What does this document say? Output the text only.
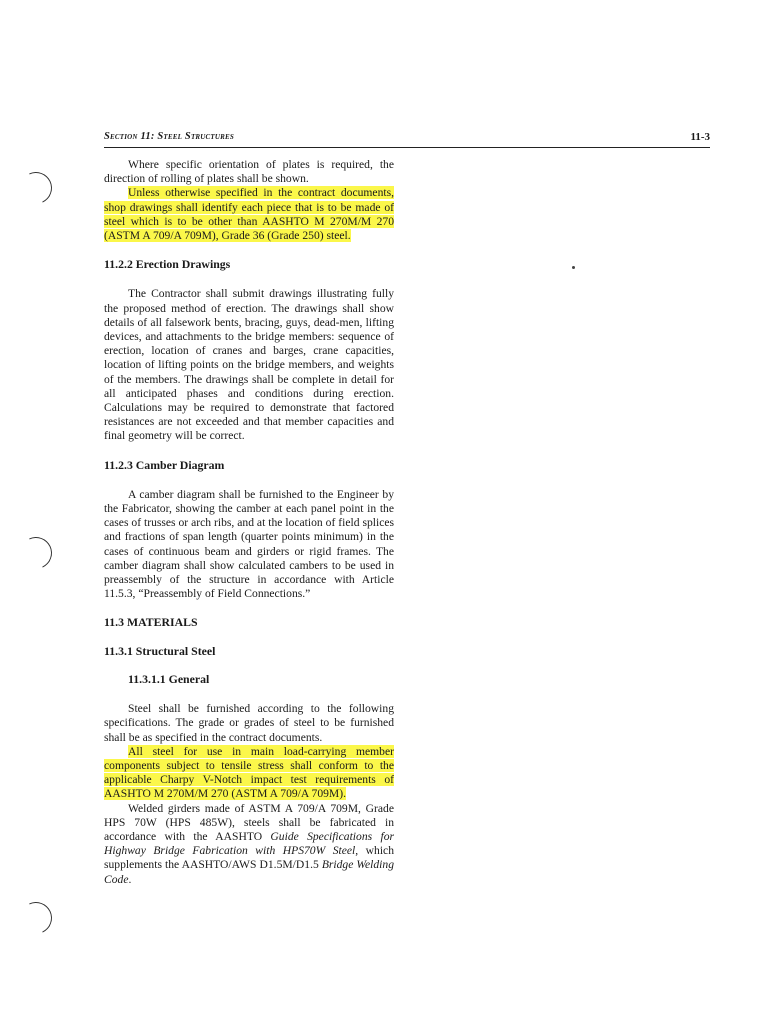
Section 11: Steel Structures	11-3

Where specific orientation of plates is required, the direction of rolling of plates shall be shown.

Unless otherwise specified in the contract documents, shop drawings shall identify each piece that is to be made of steel which is to be other than AASHTO M 270M/M 270 (ASTM A 709/A 709M), Grade 36 (Grade 250) steel.

11.2.2 Erection Drawings

The Contractor shall submit drawings illustrating fully the proposed method of erection. The drawings shall show details of all falsework bents, bracing, guys, dead-men, lifting devices, and attachments to the bridge members: sequence of erection, location of cranes and barges, crane capacities, location of lifting points on the bridge members, and weights of the members. The drawings shall be complete in detail for all anticipated phases and conditions during erection. Calculations may be required to demonstrate that factored resistances are not exceeded and that member capacities and final geometry will be correct.

11.2.3 Camber Diagram

A camber diagram shall be furnished to the Engineer by the Fabricator, showing the camber at each panel point in the cases of trusses or arch ribs, and at the location of field splices and fractions of span length (quarter points minimum) in the cases of continuous beam and girders or rigid frames. The camber diagram shall show calculated cambers to be used in preassembly of the structure in accordance with Article 11.5.3, “Preassembly of Field Connections.”

11.3 MATERIALS

11.3.1 Structural Steel

11.3.1.1 General

Steel shall be furnished according to the following specifications. The grade or grades of steel to be furnished shall be as specified in the contract documents.

All steel for use in main load-carrying member components subject to tensile stress shall conform to the applicable Charpy V-Notch impact test requirements of AASHTO M 270M/M 270 (ASTM A 709/A 709M).

Welded girders made of ASTM A 709/A 709M, Grade HPS 70W (HPS 485W), steels shall be fabricated in accordance with the AASHTO Guide Specifications for Highway Bridge Fabrication with HPS70W Steel, which supplements the AASHTO/AWS D1.5M/D1.5 Bridge Welding Code.
